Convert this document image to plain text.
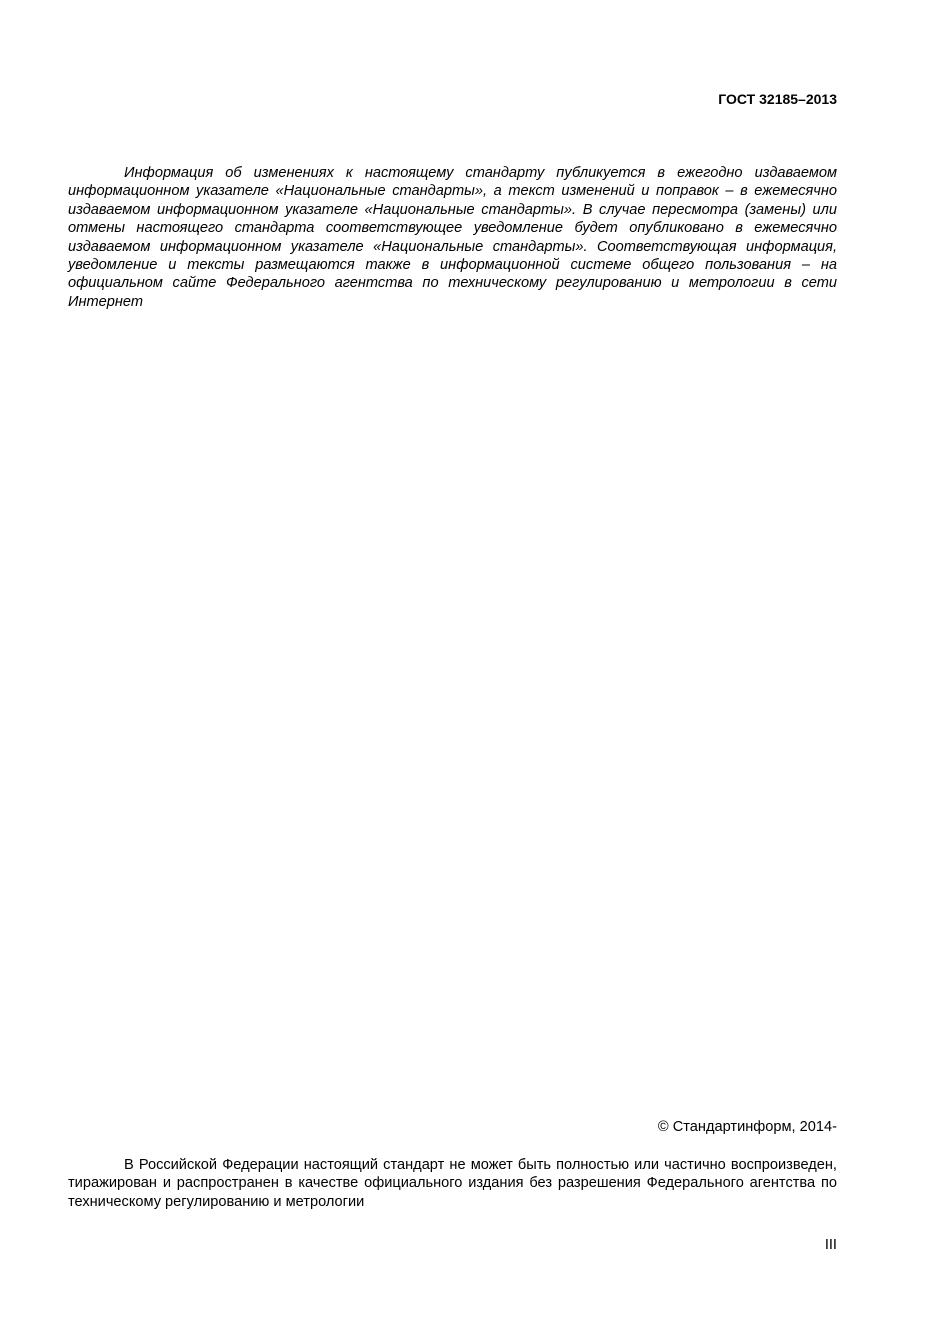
ГОСТ 32185–2013

Информация об изменениях к настоящему стандарту публикуется в ежегодно издаваемом информационном указателе «Национальные стандарты», а текст изменений и поправок – в ежемесячно издаваемом информационном указателе «Национальные стандарты». В случае пересмотра (замены) или отмены настоящего стандарта соответствующее уведомление будет опубликовано в ежемесячно издаваемом информационном указателе «Национальные стандарты». Соответствующая информация, уведомление и тексты размещаются также в информационной системе общего пользования – на официальном сайте Федерального агентства по техническому регулированию и метрологии в сети Интернет

© Стандартинформ, 2014-

В Российской Федерации настоящий стандарт не может быть полностью или частично воспроизведен, тиражирован и распространен в качестве официального издания без разрешения Федерального агентства по техническому регулированию и метрологии

III
